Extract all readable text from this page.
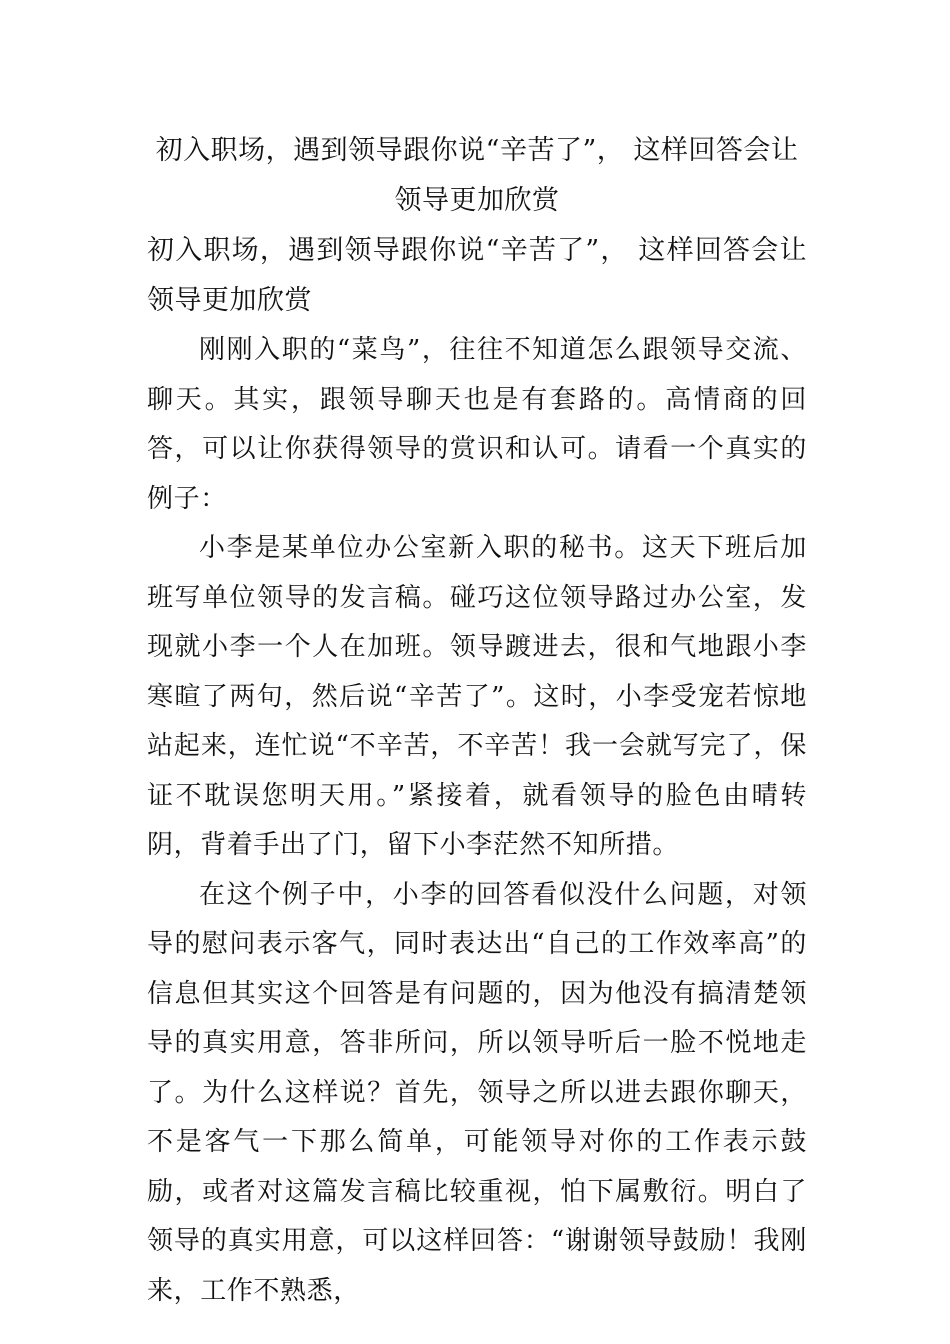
初入职场，遇到领导跟你说“辛苦了”， 这样回答会让领导更加欣赏
初入职场，遇到领导跟你说“辛苦了”， 这样回答会让领导更加欣赏

刚刚入职的“菜鸟”，往往不知道怎么跟领导交流、聊天。其实，跟领导聊天也是有套路的。高情商的回答，可以让你获得领导的赏识和认可。请看一个真实的例子：

小李是某单位办公室新入职的秘书。这天下班后加班写单位领导的发言稿。碰巧这位领导路过办公室，发现就小李一个人在加班。领导踱进去，很和气地跟小李寒暄了两句，然后说“辛苦了”。这时，小李受宠若惊地站起来，连忙说“不辛苦，不辛苦！我一会就写完了，保证不耽误您明天用。”紧接着，就看领导的脸色由晴转阴，背着手出了门，留下小李茫然不知所措。

在这个例子中，小李的回答看似没什么问题，对领导的慰问表示客气，同时表达出“自己的工作效率高”的信息但其实这个回答是有问题的，因为他没有搞清楚领导的真实用意，答非所问，所以领导听后一脸不悦地走了。为什么这样说？首先，领导之所以进去跟你聊天，不是客气一下那么简单，可能领导对你的工作表示鼓励，或者对这篇发言稿比较重视，怕下属敷衍。明白了领导的真实用意，可以这样回答：“谢谢领导鼓励！我刚来，工作不熟悉，
